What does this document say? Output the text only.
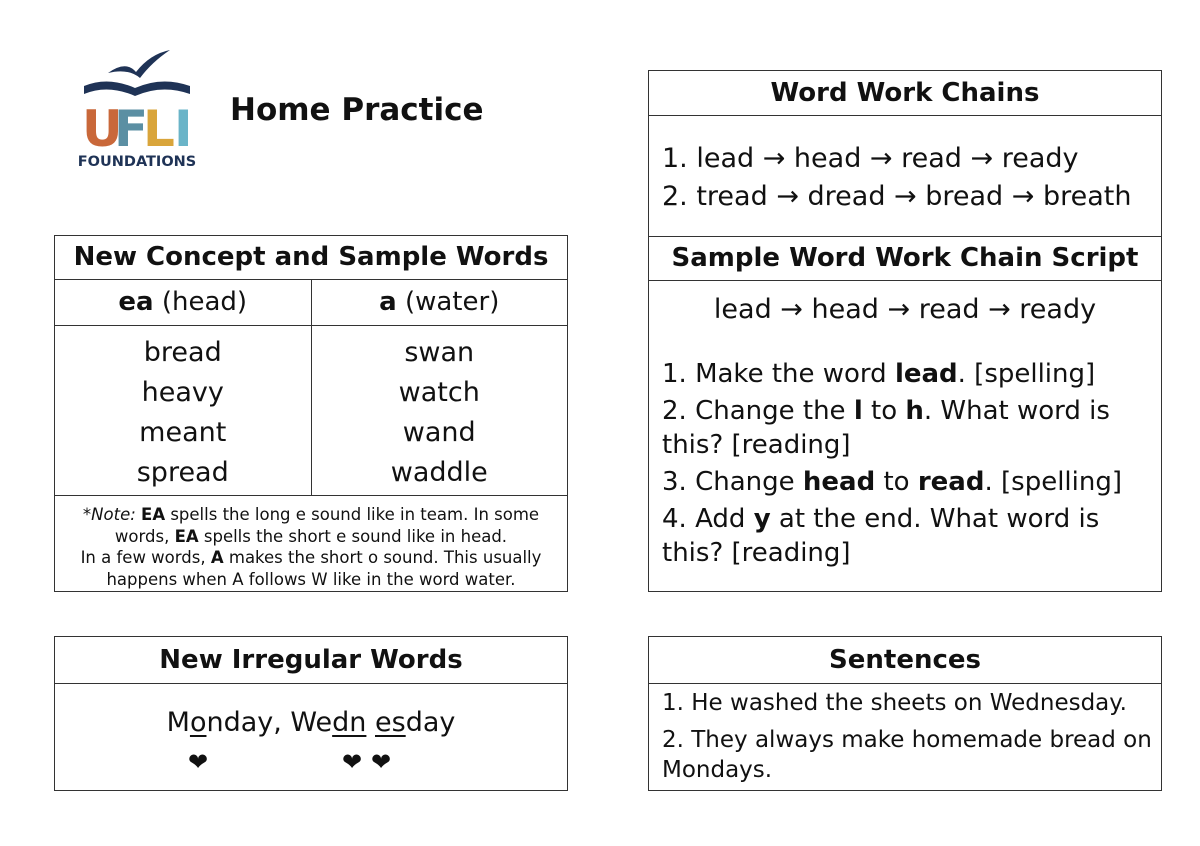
U
F
L I
FOUNDATIONS
Home Practice
New Concept and Sample Words
ea (head)
bread
heavy
meant
spread
a (water)
swan
watch
wand
waddle
*Note: EA spells the long e sound like in team. In some words, EA spells the short e sound like in head.
In a few words, A makes the short o sound. This usually happens when A follows W like in the word water.
New Irregular Words
Monday, Wedn esday
❤	❤ ❤
Word Work Chains
1. lead → head → read → ready
2. tread → dread → bread → breath
Sample Word Work Chain Script
lead → head → read → ready

1. Make the word lead. [spelling]

2. Change the l to h. What word is this? [reading]

3. Change head to read. [spelling]

4. Add y at the end. What word is this? [reading]

Sentences

1. He washed the sheets on Wednesday.

2. They always make homemade bread on Mondays.
